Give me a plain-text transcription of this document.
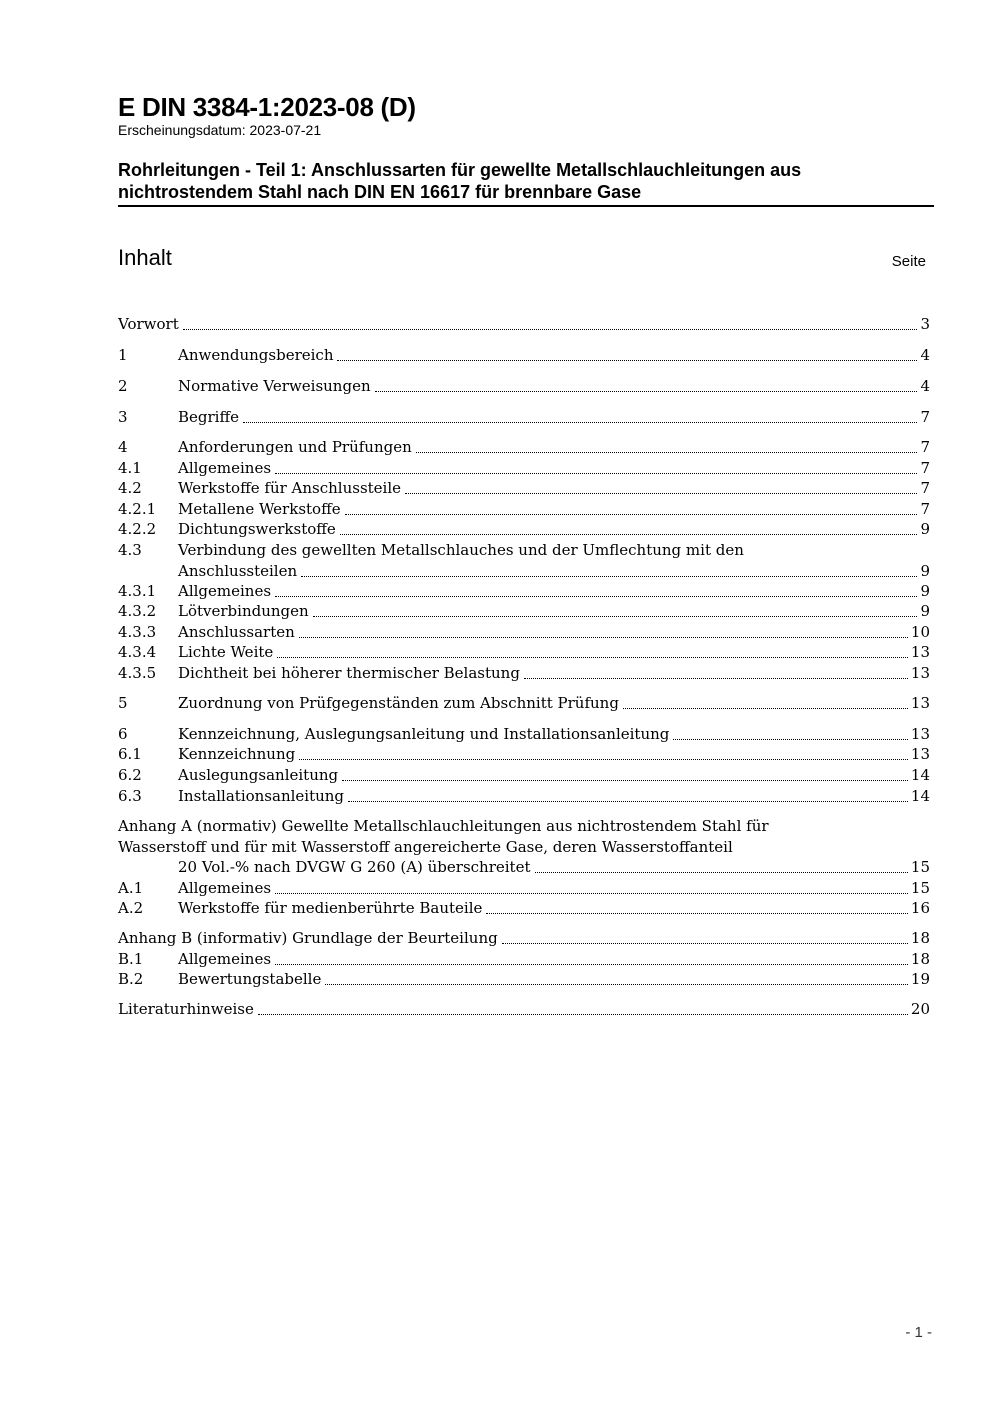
E DIN 3384-1:2023-08 (D)
Erscheinungsdatum: 2023-07-21
Rohrleitungen - Teil 1: Anschlussarten für gewellte Metallschlauchleitungen aus nichtrostendem Stahl nach DIN EN 16617 für brennbare Gase
Inhalt	Seite
Vorwort	3
1	Anwendungsbereich	4
2	Normative Verweisungen	4
3	Begriffe	7
4	Anforderungen und Prüfungen	7
4.1 Allgemeines	7
4.2 Werkstoffe für Anschlussteile	7
4.2.1 Metallene Werkstoffe	7
4.2.2 Dichtungswerkstoffe	9
4.3 Verbindung des gewellten Metallschlauches und der Umflechtung mit den
Anschlussteilen	9
4.3.1 Allgemeines	9
4.3.2 Lötverbindungen	9
4.3.3 Anschlussarten	10
4.3.4 Lichte Weite	13
4.3.5 Dichtheit bei höherer thermischer Belastung	13
5	Zuordnung von Prüfgegenständen zum Abschnitt Prüfung	13
6	Kennzeichnung, Auslegungsanleitung und Installationsanleitung	13
6.1 Kennzeichnung	13
6.2 Auslegungsanleitung	14
6.3 Installationsanleitung	14
Anhang A (normativ) Gewellte Metallschlauchleitungen aus nichtrostendem Stahl für
Wasserstoff und für mit Wasserstoff angereicherte Gase, deren Wasserstoffanteil
20 Vol.-% nach DVGW G 260 (A) überschreitet	15
A.1 Allgemeines	15
A.2 Werkstoffe für medienberührte Bauteile	16
Anhang B (informativ) Grundlage der Beurteilung	18
B.1 Allgemeines	18
B.2 Bewertungstabelle	19
Literaturhinweise	20
- 1 -
